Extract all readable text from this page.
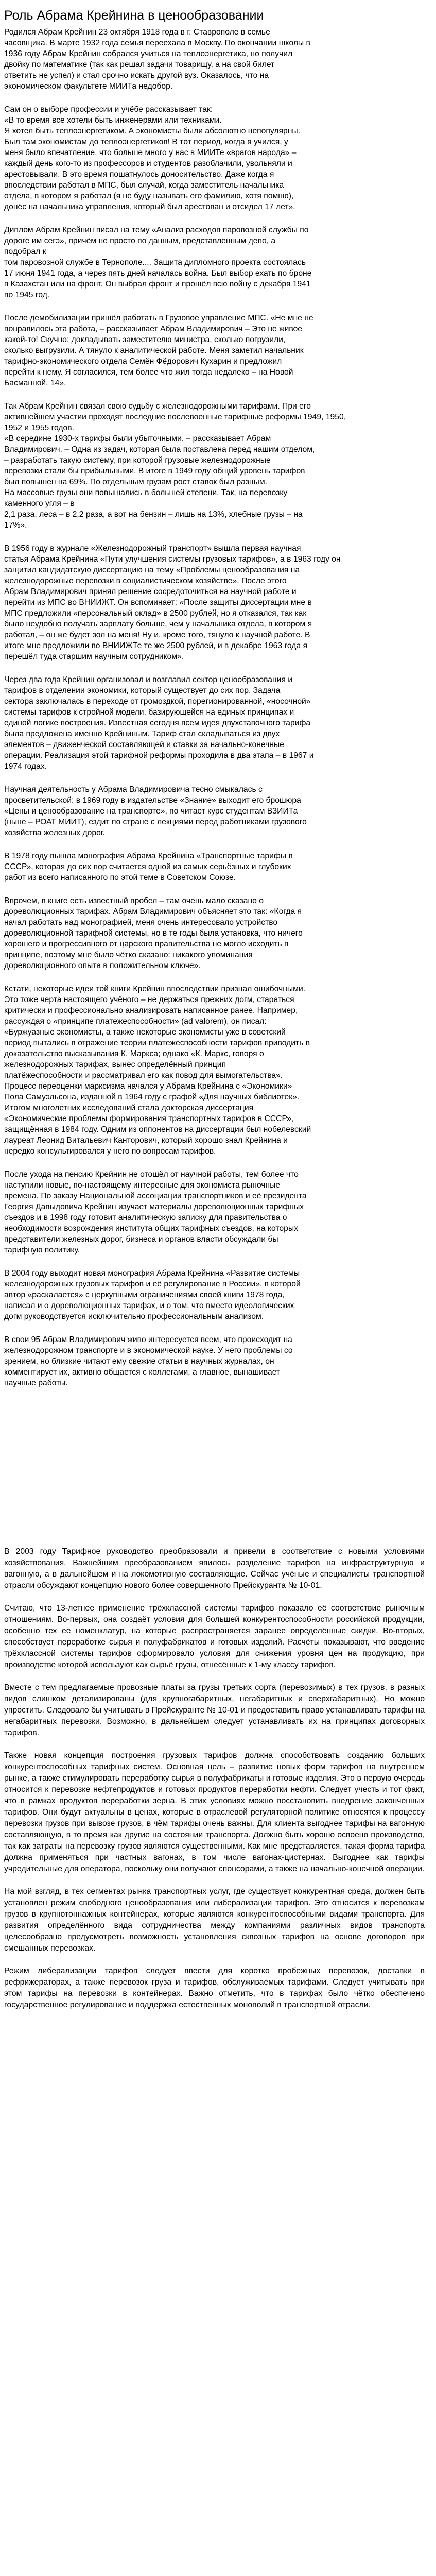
Роль Абрама Крейнина в ценообразовании

Родился Абрам Крейнин 23 октября 1918 года в г. Ставрополе в семье
часовщика. В марте 1932 года семья переехала в Москву. По окончании школы в
1936 году Абрам Крейнин собрался учиться на теплоэнергетика, но получил
двойку по математике (так как решал задачи товарищу, а на свой билет
ответить не успел) и стал срочно искать другой вуз. Оказалось, что на
экономическом факультете МИИТа недобор.

Сам он о выборе профессии и учёбе рассказывает так:
«В то время все хотели быть инженерами или техниками.
Я хотел быть теплоэнергетиком. А экономисты были абсолютно непопулярны.
Был там экономистам до теплоэнергетиков! В тот период, когда я учился, у
меня было впечатление, что больше много у нас в МИИТе «врагов народа» –
каждый день кого-то из профессоров и студентов разоблачили, увольняли и
арестовывали. В это время пошатнулось доносительство. Даже когда я
впоследствии работал в МПС, был случай, когда заместитель начальника
отдела, в котором я работал (я не буду называть его фамилию, хотя помню),
донёс на начальника управления, который был арестован и отсидел 17 лет».

Диплом Абрам Крейнин писал на тему «Анализ расходов паровозной службы по
дороге им сегэ», причём не просто по данным, представленным депо, а
подобрал к
том паровозной службе в Тернополе.... Защита дипломного проекта состоялась
17 июня 1941 года, а через пять дней началась война. Был выбор ехать по броне
в Казахстан или на фронт. Он выбрал фронт и прошёл всю войну с декабря 1941
по 1945 год.

После демобилизации пришёл работать в Грузовое управление МПС. «Не мне не
понравилось эта работа, – рассказывает Абрам Владимирович – Это не живое
какой-то! Скучно: докладывать заместителю министра, сколько погрузили,
сколько выгрузили. А тянуло к аналитической работе. Меня заметил начальник
тарифно-экономического отдела Семён Фёдорович Кухарин и предложил
перейти к нему. Я согласился, тем более что жил тогда недалеко – на Новой
Басманной, 14».

Так Абрам Крейнин связал свою судьбу с железнодорожными тарифами. При его
активнейшем участии проходят последние послевоенные тарифные реформы 1949, 1950,
1952 и 1955 годов.
«В середине 1930-х тарифы были убыточными, – рассказывает Абрам
Владимирович. – Одна из задач, которая была поставлена перед нашим отделом,
– разработать такую систему, при которой грузовые железнодорожные
перевозки стали бы прибыльными. В итоге в 1949 году общий уровень тарифов
был повышен на 69%. По отдельным грузам рост ставок был разным.
На массовые грузы они повышались в большей степени. Так, на перевозку
каменного угля – в
2,1 раза, леса – в 2,2 раза, а вот на бензин – лишь на 13%, хлебные грузы – на
17%».

В 1956 году в журнале «Железнодорожный транспорт» вышла первая научная
статья Абрама Крейнина «Пути улучшения системы грузовых тарифов», а в 1963 году он
защитил кандидатскую диссертацию на тему «Проблемы ценообразования на
железнодорожные перевозки в социалистическом хозяйстве». После этого
Абрам Владимирович принял решение сосредоточиться на научной работе и
перейти из МПС во ВНИИЖТ. Он вспоминает: «После защиты диссертации мне в
МПС предложили «персональный оклад» в 2500 рублей, но я отказался, так как
было неудобно получать зарплату больше, чем у начальника отдела, в котором я
работал, – он же будет зол на меня! Ну и, кроме того, тянуло к научной работе. В
итоге мне предложили во ВНИИЖТе те же 2500 рублей, и в декабре 1963 года я
перешёл туда старшим научным сотрудником».

Через два года Крейнин организовал и возглавил сектор ценообразования и
тарифов в отделении экономики, который существует до сих пор. Задача
сектора заключалась в переходе от громоздкой, порегионированной, «носочной»
системы тарифов к стройной модели, базирующейся на единых принципах и
единой логике построения. Известная сегодня всем идея двухставочного тарифа
была предложена именно Крейниным. Тариф стал складываться из двух
элементов – движенческой составляющей и ставки за начально-конечные
операции. Реализация этой тарифной реформы проходила в два этапа – в 1967 и
1974 годах.

Научная деятельность у Абрама Владимировича тесно смыкалась с
просветительской: в 1969 году в издательстве «Знание» выходит его брошюра
«Цены и ценообразование на транспорте», по читает курс студентам ВЗИИТа
(ныне – РОАТ МИИТ), ездит по стране с лекциями перед работниками грузового
хозяйства железных дорог.

В 1978 году вышла монография Абрама Крейнина «Транспортные тарифы в
СССР», которая до сих пор считается одной из самых серьёзных и глубоких
работ из всего написанного по этой теме в Советском Союзе.

Впрочем, в книге есть известный пробел – там очень мало сказано о
дореволюционных тарифах. Абрам Владимирович объясняет это так: «Когда я
начал работать над монографией, меня очень интересовало устройство
дореволюционной тарифной системы, но в те годы была установка, что ничего
хорошего и прогрессивного от царского правительства не могло исходить в
принципе, поэтому мне было чётко сказано: никакого упоминания
дореволюционного опыта в положительном ключе».

Кстати, некоторые идеи той книги Крейнин впоследствии признал ошибочными.
Это тоже черта настоящего учёного – не держаться прежних догм, стараться
критически и профессионально анализировать написанное ранее. Например,
рассуждая о «принципе платежеспособности» (ad valorem), он писал:
«Буржуазные экономисты, а также некоторые экономисты уже в советский
период пытались в отражение теории платежеспособности тарифов приводить в
доказательство высказывания К. Маркса; однако «К. Маркс, говоря о
железнодорожных тарифах, вынес определённый принцип
платёжеспособности и рассматривал его как повод для вымогательства».
Процесс переоценки марксизма начался у Абрама Крейнина с «Экономики»
Пола Самуэльсона, изданной в 1964 году с графой «Для научных библиотек».
Итогом многолетних исследований стала докторская диссертация
«Экономические проблемы формирования транспортных тарифов в СССР»,
защищённая в 1984 году. Одним из оппонентов на диссертации был нобелевский
лауреат Леонид Витальевич Канторович, который хорошо знал Крейнина и
нередко консультировался у него по вопросам тарифов.

После ухода на пенсию Крейнин не отошёл от научной работы, тем более что
наступили новые, по-настоящему интересные для экономиста рыночные
времена. По заказу Национальной ассоциации транспортников и её президента
Георгия Давыдовича Крейнин изучает материалы дореволюционных тарифных
съездов и в 1998 году готовит аналитическую записку для правительства о
необходимости возрождения института общих тарифных съездов, на которых
представители железных дорог, бизнеса и органов власти обсуждали бы
тарифную политику.

В 2004 году выходит новая монография Абрама Крейнина «Развитие системы
железнодорожных грузовых тарифов и её регулирование в России», в которой
автор «раскалается» с церкупными ограничениями своей книги 1978 года,
написал и о дореволюционных тарифах, и о том, что вместо идеологических
догм руководствуется исключительно профессиональным анализом.

В свои 95 Абрам Владимирович живо интересуется всем, что происходит на
железнодорожном транспорте и в экономической науке. У него проблемы со
зрением, но близкие читают ему свежие статьи в научных журналах, он
комментирует их, активно общается с коллегами, а главное, вынашивает
научные работы.

В 2003 году Тарифное руководство преобразовали и привели в соответствие с новыми условиями хозяйствования. Важнейшим преобразованием явилось разделение тарифов на инфраструктурную и вагонную, а в дальнейшем и на локомотивную составляющие. Сейчас учёные и специалисты транспортной отрасли обсуждают концепцию нового более совершенного Прейскуранта № 10-01.

Считаю, что 13-летнее применение трёхклассной системы тарифов показало её соответствие рыночным отношениям. Во-первых, она создаёт условия для большей конкурентоспособности российской продукции, особенно тех ее номенклатур, на которые распространяется заранее определённые скидки. Во-вторых, способствует переработке сырья и полуфабрикатов и готовых изделий. Расчёты показывают, что введение трёхклассной системы тарифов сформировало условия для снижения уровня цен на продукцию, при производстве которой используют как сырьё грузы, отнесённые к 1-му классу тарифов.

Вместе с тем предлагаемые провозные платы за грузы третьих сорта (перевозимых) в тех грузов, в разных видов слишком детализированы (для крупногабаритных, негабаритных и сверхгабаритных). Но можно упростить. Следовало бы учитывать в Прейскуранте № 10-01 и предоставить право устанавливать тарифы на негабаритных перевозки. Возможно, в дальнейшем следует устанавливать их на принципах договорных тарифов.

Также новая концепция построения грузовых тарифов должна способствовать созданию больших конкурентоспособных тарифных систем. Основная цель – развитие новых форм тарифов на внутреннем рынке, а также стимулировать переработку сырья в полуфабрикаты и готовые изделия. Это в первую очередь относится к перевозке нефтепродуктов и готовых продуктов переработки нефти. Следует учесть и тот факт, что в рамках продуктов переработки зерна. В этих условиях можно восстановить внедрение законченных тарифов. Они будут актуальны в ценах, которые в отраслевой регуляторной политике относятся к процессу перевозки грузов при вывозе грузов, в чём тарифы очень важны. Для клиента выгоднее тарифы на вагонную составляющую, в то время как другие на состоянии транспорта. Должно быть хорошо освоено производство, так как затраты на перевозку грузов являются существенными. Как мне представляется, такая форма тарифа должна применяться при частных вагонах, в том числе вагонах-цистернах. Выгоднее как тарифы учредительные для оператора, поскольку они получают спонсорами, а также на начально-конечной операции.

На мой взгляд, в тех сегментах рынка транспортных услуг, где существует конкурентная среда, должен быть установлен режим свободного ценообразования или либерализации тарифов. Это относится к перевозкам грузов в крупнотоннажных контейнерах, которые являются конкурентоспособными видами транспорта. Для развития определённого вида сотрудничества между компаниями различных видов транспорта целесообразно предусмотреть возможность установления сквозных тарифов на основе договоров при смешанных перевозках.

Режим либерализации тарифов следует ввести для коротко пробежных перевозок, доставки в рефрижераторах, а также перевозок груза и тарифов, обслуживаемых тарифами. Следует учитывать при этом тарифы на перевозки в контейнерах. Важно отметить, что в тарифах было чётко обеспечено государственное регулирование и поддержка естественных монополий в транспортной отрасли.
